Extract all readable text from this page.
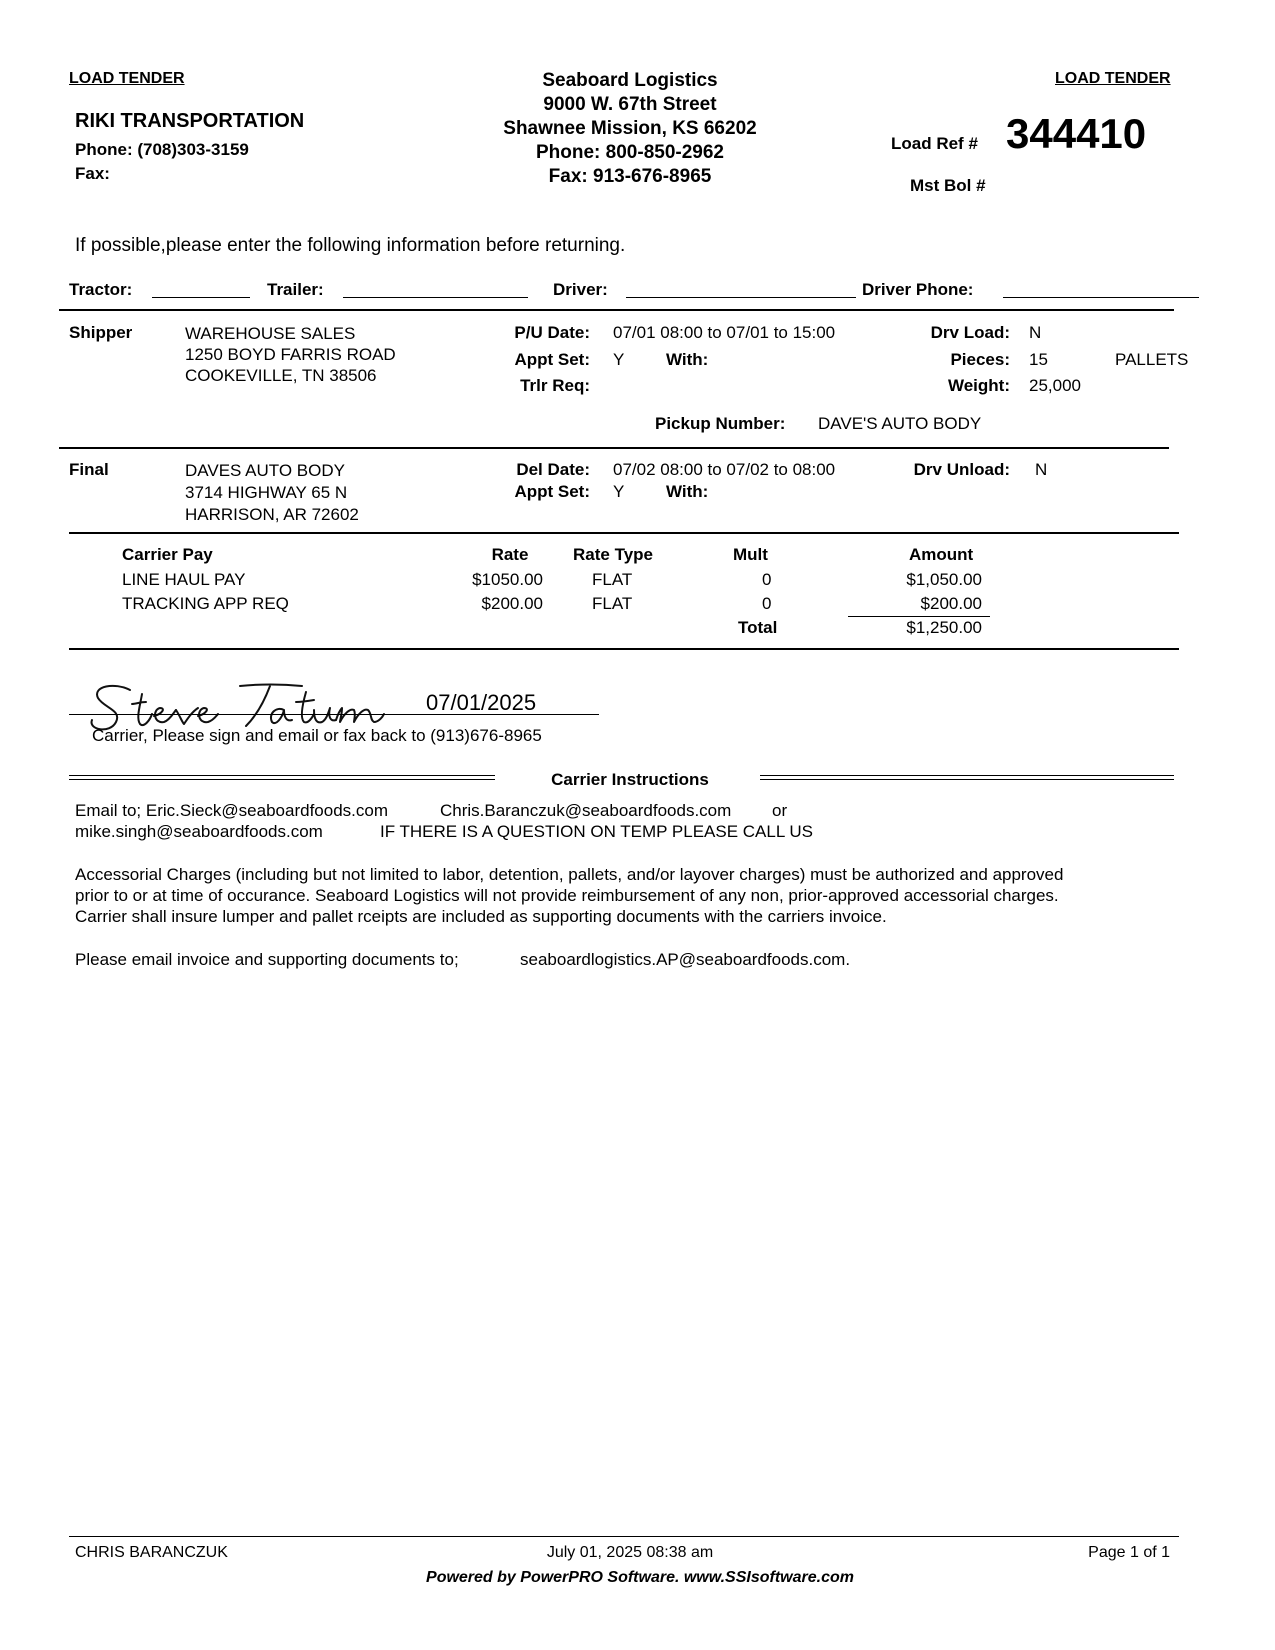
LOAD TENDER	LOAD TENDER
RIKI TRANSPORTATION
Phone: (708)303-3159
Fax:
Seaboard Logistics
9000 W. 67th Street
Shawnee Mission, KS 66202
Phone: 800-850-2962
Fax: 913-676-8965
Load Ref # 344410
Mst Bol #
If possible,please enter the following information before returning.
Tractor:	Trailer:	Driver:	Driver Phone:
Shipper	WAREHOUSE SALES
1250 BOYD FARRIS ROAD
COOKEVILLE, TN 38506
P/U Date: 07/01 08:00 to 07/01 to 15:00
Appt Set: Y With:
Trlr Req:
Drv Load: N
Pieces: 15	PALLETS
Weight: 25,000
Pickup Number: DAVE'S AUTO BODY
Final	DAVES AUTO BODY
3714 HIGHWAY 65 N
HARRISON, AR 72602
Del Date: 07/02 08:00 to 07/02 to 08:00
Appt Set: Y With:
Drv Unload: N
Carrier Pay	Rate	Rate Type	Mult	Amount
LINE HAUL PAY	$1050.00	FLAT	0	$1,050.00
TRACKING APP REQ	$200.00	FLAT	0	$200.00
Total	$1,250.00
07/01/2025
Carrier, Please sign and email or fax back to (913)676-8965
Carrier Instructions
Email to; Eric.Sieck@seaboardfoods.com	Chris.Baranczuk@seaboardfoods.com or
mike.singh@seaboardfoods.com	IF THERE IS A QUESTION ON TEMP PLEASE CALL US
Accessorial Charges (including but not limited to labor, detention, pallets, and/or layover charges) must be authorized and approved
prior to or at time of occurance. Seaboard Logistics will not provide reimbursement of any non, prior-approved accessorial charges.
Carrier shall insure lumper and pallet rceipts are included as supporting documents with the carriers invoice.
Please email invoice and supporting documents to;	seaboardlogistics.AP@seaboardfoods.com.
CHRIS BARANCZUK	July 01, 2025 08:38 am	Page 1 of 1
Powered by PowerPRO Software. www.SSIsoftware.com
